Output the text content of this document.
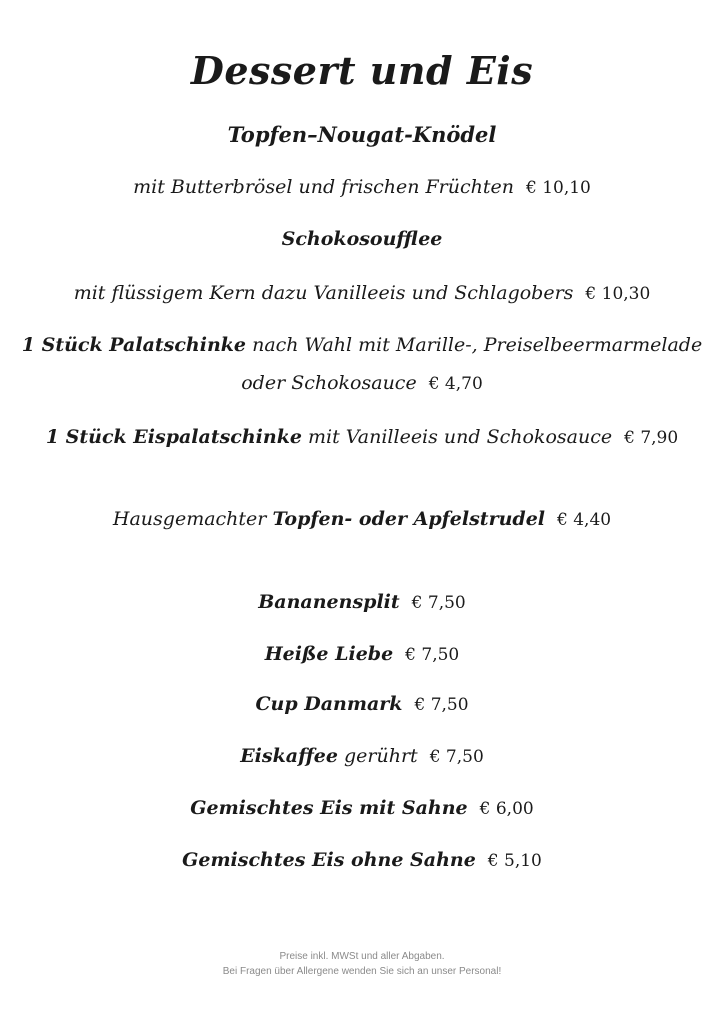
Dessert und Eis
Topfen–Nougat-Knödel
mit Butterbrösel und frischen Früchten € 10,10
Schokosoufflee
mit flüssigem Kern dazu Vanilleeis und Schlagobers € 10,30
1 Stück Palatschinke nach Wahl mit Marille-, Preiselbeermarmelade
oder Schokosauce € 4,70
1 Stück Eispalatschinke mit Vanilleeis und Schokosauce € 7,90
Hausgemachter Topfen- oder Apfelstrudel € 4,40
Bananensplit € 7,50
Heiße Liebe € 7,50
Cup Danmark € 7,50
Eiskaffee gerührt € 7,50
Gemischtes Eis mit Sahne € 6,00
Gemischtes Eis ohne Sahne € 5,10
Preise inkl. MWSt und aller Abgaben.
Bei Fragen über Allergene wenden Sie sich an unser Personal!
